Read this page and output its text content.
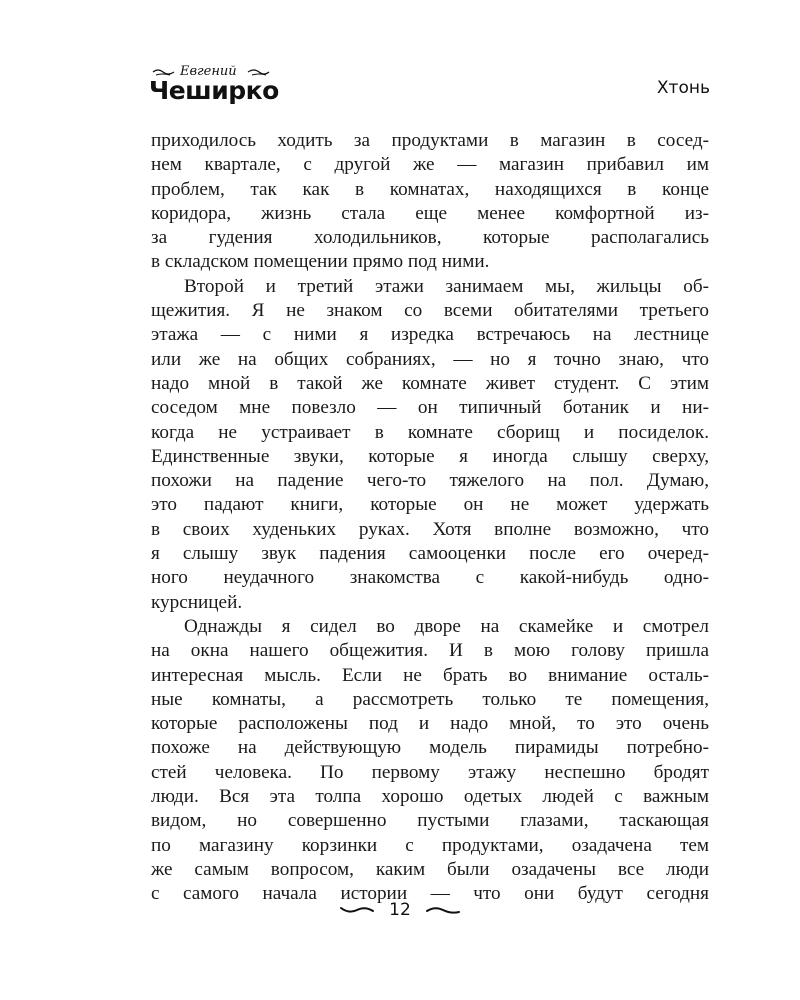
Евгений
Чеширко	Хтонь
приходилось ходить за продуктами в магазин в сосед-
нем квартале, с другой же — магазин прибавил им
проблем, так как в комнатах, находящихся в конце
коридора, жизнь стала еще менее комфортной из-
за гудения холодильников, которые располагались
в складском помещении прямо под ними.
Второй и третий этажи занимаем мы, жильцы об-
щежития. Я не знаком со всеми обитателями третьего
этажа — с ними я изредка встречаюсь на лестнице
или же на общих собраниях, — но я точно знаю, что
надо мной в такой же комнате живет студент. С этим
соседом мне повезло — он типичный ботаник и ни-
когда не устраивает в комнате сборищ и посиделок.
Единственные звуки, которые я иногда слышу сверху,
похожи на падение чего-то тяжелого на пол. Думаю,
это падают книги, которые он не может удержать
в своих худеньких руках. Хотя вполне возможно, что
я слышу звук падения самооценки после его очеред-
ного неудачного знакомства с какой-нибудь одно-
курсницей.
Однажды я сидел во дворе на скамейке и смотрел
на окна нашего общежития. И в мою голову пришла
интересная мысль. Если не брать во внимание осталь-
ные комнаты, а рассмотреть только те помещения,
которые расположены под и надо мной, то это очень
похоже на действующую модель пирамиды потребно-
стей человека. По первому этажу неспешно бродят
люди. Вся эта толпа хорошо одетых людей с важным
видом, но совершенно пустыми глазами, таскающая
по магазину корзинки с продуктами, озадачена тем
же самым вопросом, каким были озадачены все люди
с самого начала истории — что они будут сегодня
12
